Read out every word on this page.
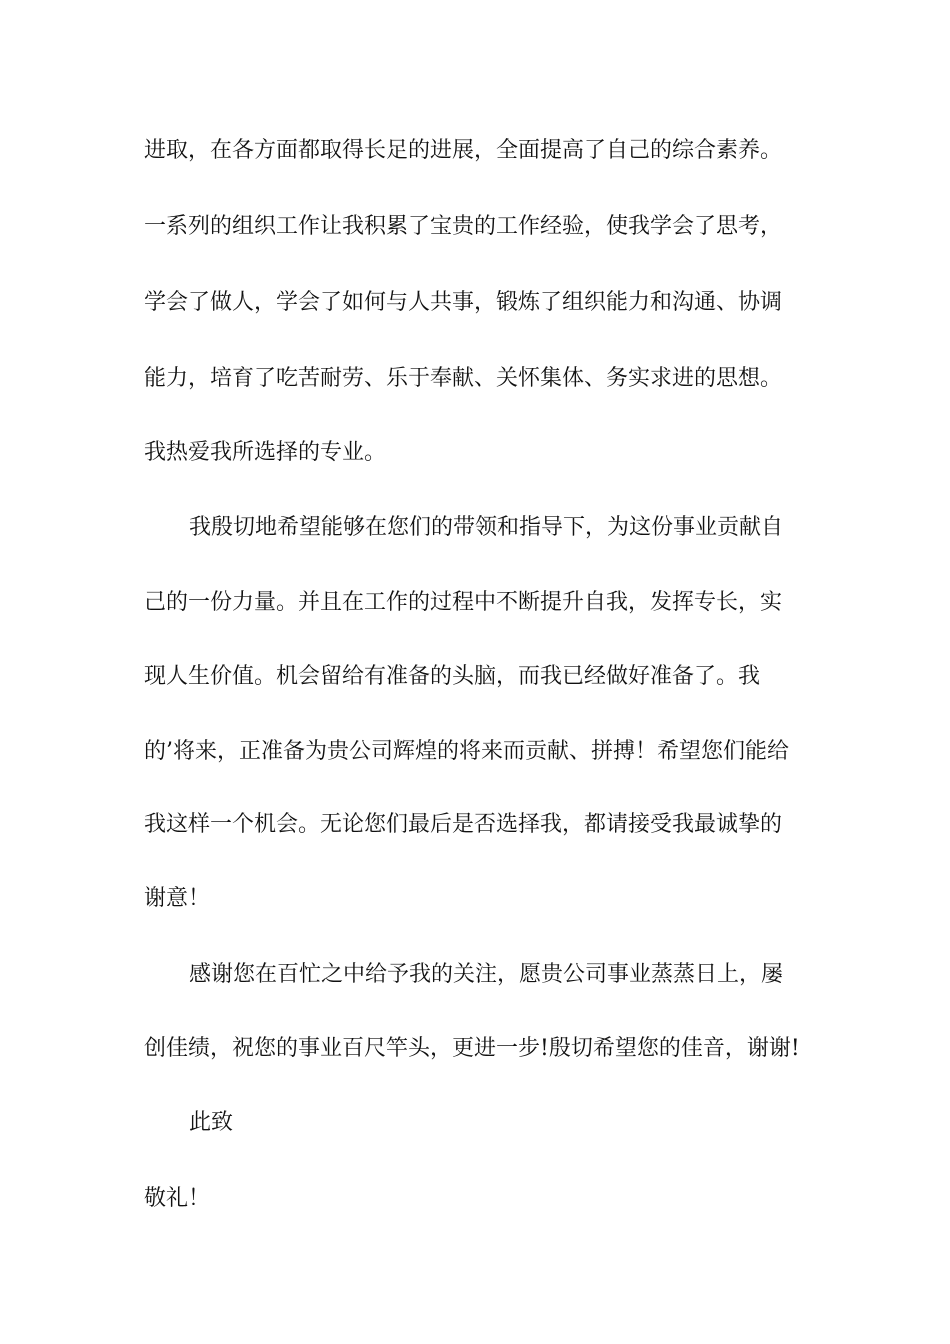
进取，在各方面都取得长足的进展，全面提高了自己的综合素养。
一系列的组织工作让我积累了宝贵的工作经验，使我学会了思考，
学会了做人，学会了如何与人共事，锻炼了组织能力和沟通、协调
能力，培育了吃苦耐劳、乐于奉献、关怀集体、务实求进的思想。
我热爱我所选择的专业。
我殷切地希望能够在您们的带领和指导下，为这份事业贡献自
己的一份力量。并且在工作的过程中不断提升自我，发挥专长，实
现人生价值。机会留给有准备的头脑，而我已经做好准备了。我
的’将来，正准备为贵公司辉煌的将来而贡献、拼搏！希望您们能给
我这样一个机会。无论您们最后是否选择我，都请接受我最诚挚的
谢意！
感谢您在百忙之中给予我的关注，愿贵公司事业蒸蒸日上，屡
创佳绩，祝您的事业百尺竿头，更进一步!殷切希望您的佳音，谢谢!
此致
敬礼！
